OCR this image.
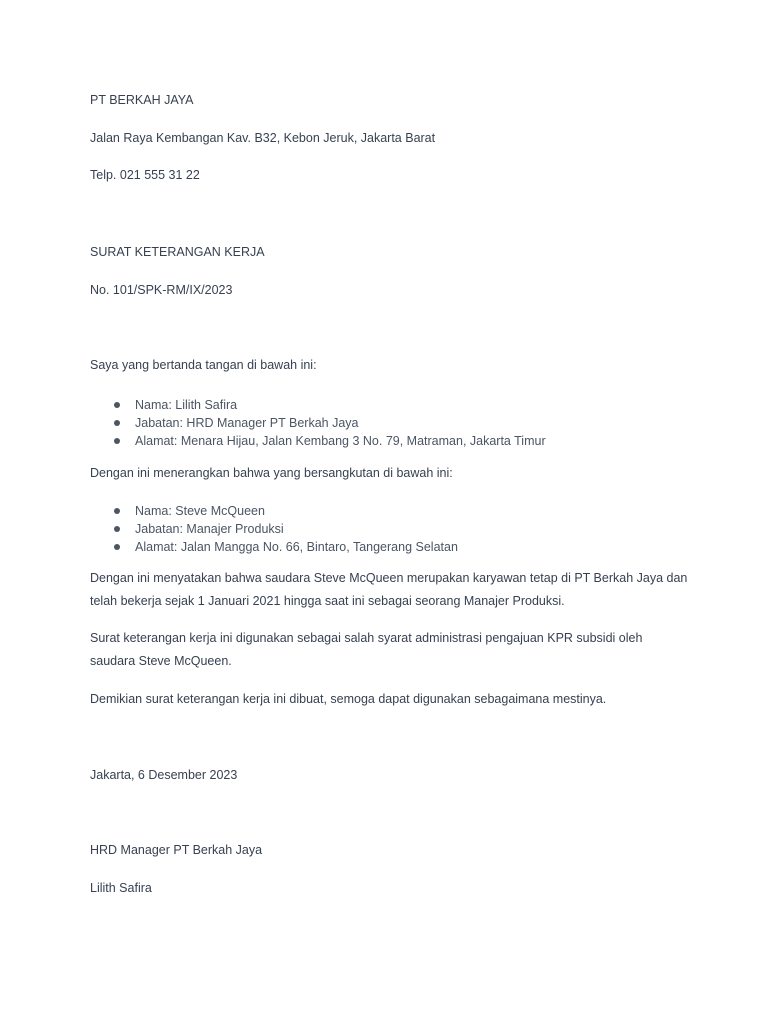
PT BERKAH JAYA
Jalan Raya Kembangan Kav. B32, Kebon Jeruk, Jakarta Barat
Telp. 021 555 31 22
SURAT KETERANGAN KERJA
No. 101/SPK-RM/IX/2023
Saya yang bertanda tangan di bawah ini:
Nama: Lilith Safira
Jabatan: HRD Manager PT Berkah Jaya
Alamat: Menara Hijau, Jalan Kembang 3 No. 79, Matraman, Jakarta Timur
Dengan ini menerangkan bahwa yang bersangkutan di bawah ini:
Nama: Steve McQueen
Jabatan: Manajer Produksi
Alamat: Jalan Mangga No. 66, Bintaro, Tangerang Selatan

Dengan ini menyatakan bahwa saudara Steve McQueen merupakan karyawan tetap di PT Berkah Jaya dan telah bekerja sejak 1 Januari 2021 hingga saat ini sebagai seorang Manajer Produksi.

Surat keterangan kerja ini digunakan sebagai salah syarat administrasi pengajuan KPR subsidi oleh saudara Steve McQueen.

Demikian surat keterangan kerja ini dibuat, semoga dapat digunakan sebagaimana mestinya.
Jakarta, 6 Desember 2023
HRD Manager PT Berkah Jaya
Lilith Safira
